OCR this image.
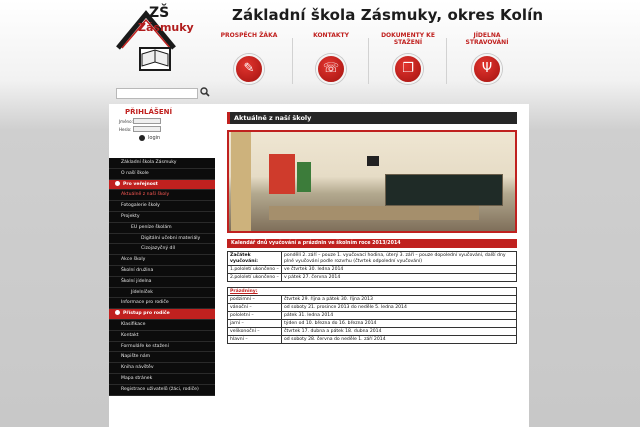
Zásmuky
ZŠ	Základní škola Zásmuky, okres Kolín
PROSPĚCH ŽÁKA
✎
KONTAKTY
☏
DOKUMENTY KE STAŽENÍ
❐
JÍDELNA STRAVOVÁNÍ
Ψ
PŘIHLÁŠENÍ
Jméno:
Heslo:
login
Základní škola Zásmuky
O naší škole
Pro veřejnost
Aktuálně z naší školy
Fotogalerie školy
Projekty
EU peníze školám
Digitální učební materiály
Cizojazyčný díl
Akce školy
Školní družina
Školní jídelna
Jídelníček
Informace pro rodiče
Přístup pro rodiče
Klasifikace
Kontakt
Formuláře ke stažení
Napište nám
Kniha návštěv
Mapa stránek
Registrace uživatelů (žáci, rodiče)
Aktuálně z naší školy
Kalendář dnů vyučování a prázdnin ve školním roce 2013/2014
Začátek vyučování:	pondělí 2. září – pouze 1. vyučovací hodina, úterý 3. září – pouze dopolední vyučování, další dny plné vyučování podle rozvrhu (čtvrtek odpolední vyučování)
1.pololetí ukončeno –	ve čtvrtek 30. ledna 2014
2.pololetí ukončeno –	v pátek 27. června 2014
Prázdniny:	
podzimní –	čtvrtek 29. října a pátek 30. října 2013
vánoční –	od soboty 21. prosince 2013 do neděle 5. ledna 2014
pololetní –	pátek 31. ledna 2014
jarní –	týden od 10. března do 16. března 2014
velikonoční –	čtvrtek 17. dubna a pátek 18. dubna 2014
hlavní –	od soboty 28. června do neděle 1. září 2014
